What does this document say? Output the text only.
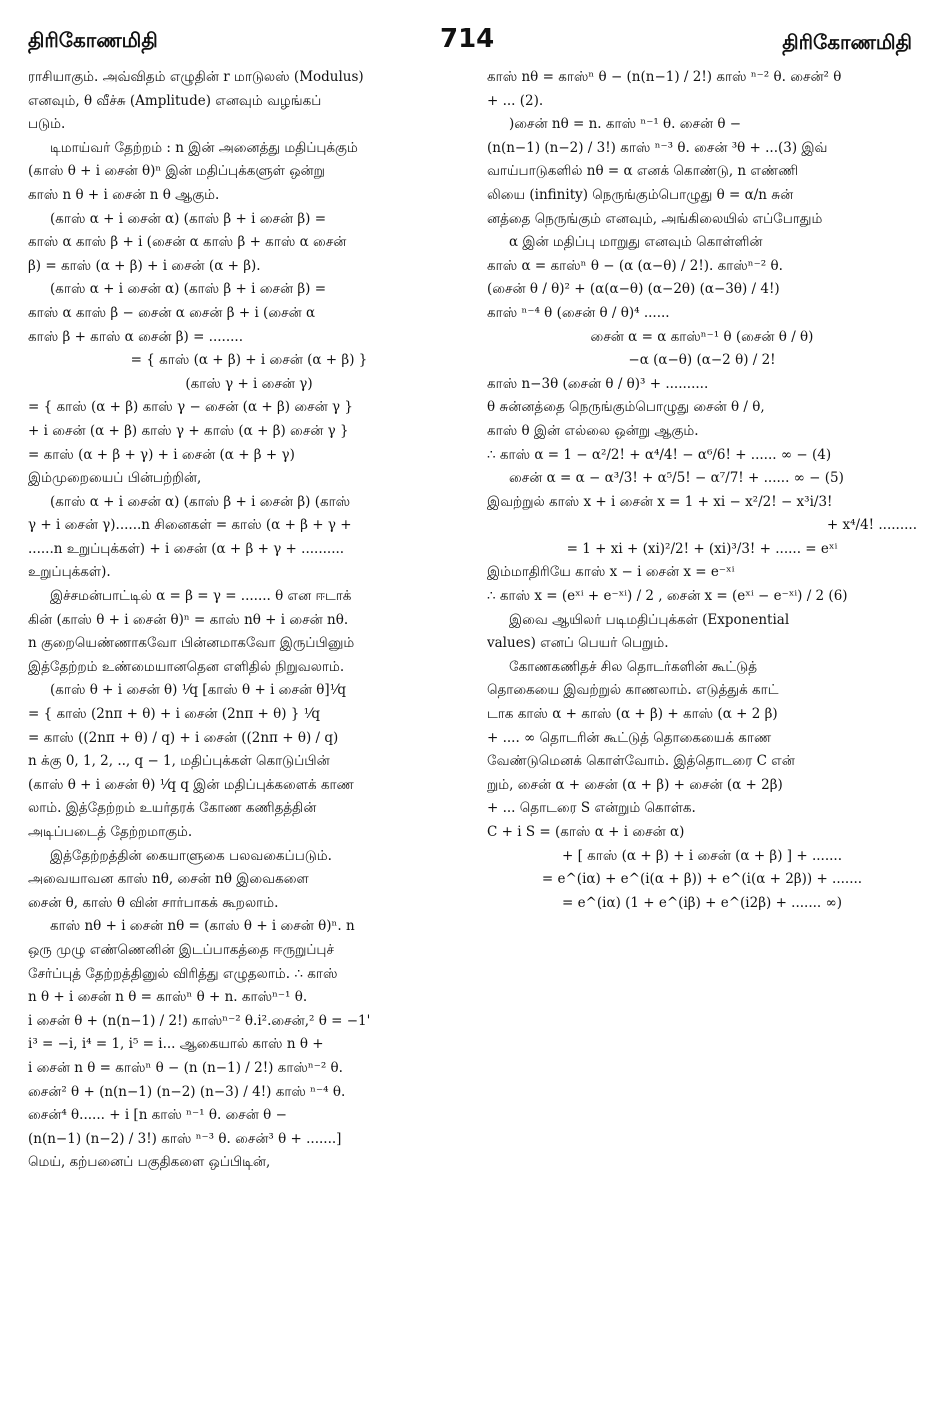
திரிகோணமிதி	714	திரிகோணமிதி
ராசியாகும். அவ்விதம் எழுதின் r மாடுலஸ் (Modulus)
எனவும், θ வீச்சு (Amplitude) எனவும் வழங்கப்
படும்.
டிமாய்வர் தேற்றம் : n இன் அனைத்து மதிப்புக்கும்
(காஸ் θ + i சைன் θ)ⁿ இன் மதிப்புக்களுள் ஒன்று
காஸ் n θ + i சைன் n θ ஆகும்.
(காஸ் α + i சைன் α) (காஸ் β + i சைன் β) =
காஸ் α காஸ் β + i (சைன் α காஸ் β + காஸ் α சைன்
β) = காஸ் (α + β) + i சைன் (α + β).
(காஸ் α + i சைன் α) (காஸ் β + i சைன் β) =
காஸ் α காஸ் β − சைன் α சைன் β + i (சைன் α
காஸ் β + காஸ் α சைன் β) = ........
= { காஸ் (α + β) + i சைன் (α + β) }
(காஸ் γ + i சைன் γ)
= { காஸ் (α + β) காஸ் γ − சைன் (α + β) சைன் γ }
+ i சைன் (α + β) காஸ் γ + காஸ் (α + β) சைன் γ }
= காஸ் (α + β + γ) + i சைன் (α + β + γ)
இம்முறையைப் பின்பற்றின்,
(காஸ் α + i சைன் α) (காஸ் β + i சைன் β) (காஸ்
γ + i சைன் γ)......n சினைகள் = காஸ் (α + β + γ +
......n உறுப்புக்கள்) + i சைன் (α + β + γ + ..........
உறுப்புக்கள்).
இச்சமன்பாட்டில் α = β = γ = ....... θ என ஈடாக்
கின் (காஸ் θ + i சைன் θ)ⁿ = காஸ் nθ + i சைன் nθ.
n குறையெண்ணாகவோ பின்னமாகவோ இருப்பினும்
இத்தேற்றம் உண்மையானதென எளிதில் நிறுவலாம்.
(காஸ் θ + i சைன் θ) ¹⁄q [காஸ் θ + i சைன் θ]¹⁄q
= { காஸ் (2nπ + θ) + i சைன் (2nπ + θ) } ¹⁄q
= காஸ் ((2nπ + θ) / q) + i சைன் ((2nπ + θ) / q)
n க்கு 0, 1, 2, .., q − 1, மதிப்புக்கள் கொடுப்பின்
(காஸ் θ + i சைன் θ) ¹⁄q q இன் மதிப்புக்களைக் காண
லாம். இத்தேற்றம் உயர்தரக் கோண கணிதத்தின்
அடிப்படைத் தேற்றமாகும்.
இத்தேற்றத்தின் கையாளுகை பலவகைப்படும்.
அவையாவன காஸ் nθ, சைன் nθ இவைகளை
சைன் θ, காஸ் θ வின் சார்பாகக் கூறலாம்.
காஸ் nθ + i சைன் nθ = (காஸ் θ + i சைன் θ)ⁿ. n
ஒரு முழு எண்ணெனின் இடப்பாகத்தை ஈருறுப்புச்
சேர்ப்புத் தேற்றத்தினுல் விரித்து எழுதலாம். ∴ காஸ்
n θ + i சைன் n θ = காஸ்ⁿ θ + n. காஸ்ⁿ⁻¹ θ.
i சைன் θ + (n(n−1) / 2!) காஸ்ⁿ⁻² θ.i².சைன்,² θ = −1'
i³ = −i, i⁴ = 1, i⁵ = i... ஆகையால் காஸ் n θ +
i சைன் n θ = காஸ்ⁿ θ − (n (n−1) / 2!) காஸ்ⁿ⁻² θ.
சைன்² θ + (n(n−1) (n−2) (n−3) / 4!) காஸ் ⁿ⁻⁴ θ.
சைன்⁴ θ...... + i [n காஸ் ⁿ⁻¹ θ. சைன் θ −
(n(n−1) (n−2) / 3!) காஸ் ⁿ⁻³ θ. சைன்³ θ + .......]
மெய், கற்பனைப் பகுதிகளை ஒப்பிடின்,
காஸ் nθ = காஸ்ⁿ θ − (n(n−1) / 2!) காஸ் ⁿ⁻² θ. சைன்² θ
+ ... (2).
)சைன் nθ = n. காஸ் ⁿ⁻¹ θ. சைன் θ −
(n(n−1) (n−2) / 3!) காஸ் ⁿ⁻³ θ. சைன் ³θ + ...(3) இவ்
வாய்பாடுகளில் nθ = α எனக் கொண்டு, n எண்ணி
லியை (infinity) நெருங்கும்பொழுது θ = α/n சுன்
னத்தை நெருங்கும் எனவும், அங்கிலையில் எப்போதும்
α இன் மதிப்பு மாறுது எனவும் கொள்ளின்
காஸ் α = காஸ்ⁿ θ − (α (α−θ) / 2!). காஸ்ⁿ⁻² θ.
(சைன் θ / θ)² + (α(α−θ) (α−2θ) (α−3θ) / 4!)
காஸ் ⁿ⁻⁴ θ (சைன் θ / θ)⁴ ......
சைன் α = α காஸ்ⁿ⁻¹ θ (சைன் θ / θ)
−α (α−θ) (α−2 θ) / 2!
காஸ் n−3θ (சைன் θ / θ)³ + ..........
θ சுன்னத்தை நெருங்கும்பொழுது சைன் θ / θ,
காஸ் θ இன் எல்லை ஒன்று ஆகும்.
∴ காஸ் α = 1 − α²/2! + α⁴/4! − α⁶/6! + ...... ∞ − (4)
சைன் α = α − α³/3! + α⁵/5! − α⁷/7! + ...... ∞ − (5)
இவற்றுல் காஸ் x + i சைன் x = 1 + xi − x²/2! − x³i/3!
+ x⁴/4! .........
= 1 + xi + (xi)²/2! + (xi)³/3! + ...... = eˣⁱ
இம்மாதிரியே காஸ் x − i சைன் x = e⁻ˣⁱ
∴ காஸ் x = (eˣⁱ + e⁻ˣⁱ) / 2 , சைன் x = (eˣⁱ − e⁻ˣⁱ) / 2 (6)
இவை ஆயிலர் படிமதிப்புக்கள் (Exponential
values) எனப் பெயர் பெறும்.
கோணகணிதச் சில தொடர்களின் கூட்டுத்
தொகையை இவற்றுல் காணலாம். எடுத்துக் காட்
டாக காஸ் α + காஸ் (α + β) + காஸ் (α + 2 β)
+ .... ∞ தொடரின் கூட்டுத் தொகையைக் காண
வேண்டுமெனக் கொள்வோம். இத்தொடரை C என்
றும், சைன் α + சைன் (α + β) + சைன் (α + 2β)
+ ... தொடரை S என்றும் கொள்க.
C + i S = (காஸ் α + i சைன் α)
+ [ காஸ் (α + β) + i சைன் (α + β) ] + .......
= e^(iα) + e^(i(α + β)) + e^(i(α + 2β)) + .......
= e^(iα) (1 + e^(iβ) + e^(i2β) + ....... ∞)
